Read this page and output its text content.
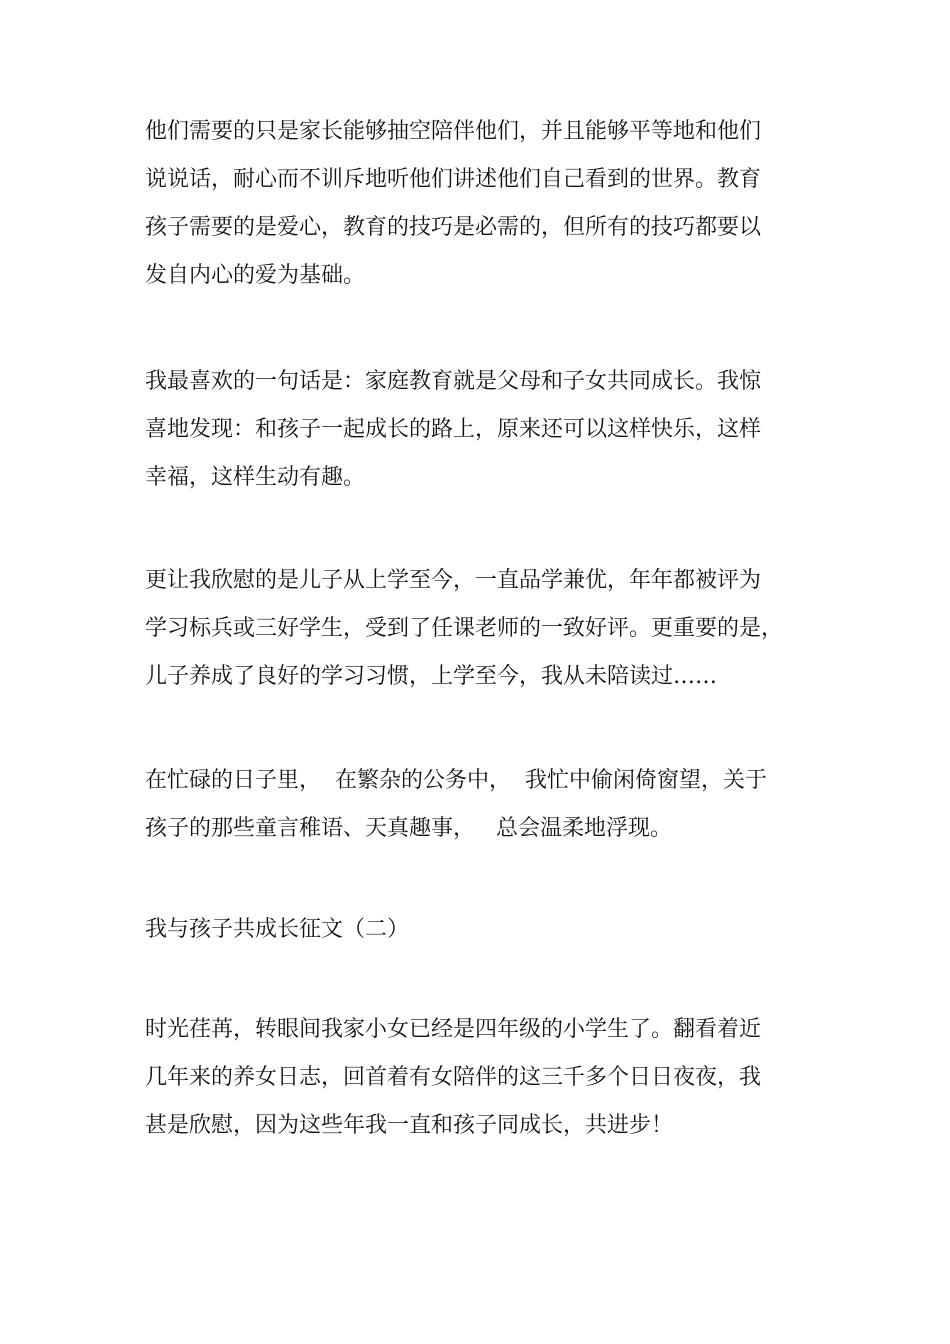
他们需要的只是家长能够抽空陪伴他们，并且能够平等地和他们
说说话，耐心而不训斥地听他们讲述他们自己看到的世界。教育
孩子需要的是爱心，教育的技巧是必需的，但所有的技巧都要以
发自内心的爱为基础。

我最喜欢的一句话是：家庭教育就是父母和子女共同成长。我惊
喜地发现：和孩子一起成长的路上，原来还可以这样快乐，这样
幸福，这样生动有趣。

更让我欣慰的是儿子从上学至今，一直品学兼优，年年都被评为
学习标兵或三好学生，受到了任课老师的一致好评。更重要的是，
儿子养成了良好的学习习惯，上学至今，我从未陪读过……

在忙碌的日子里，  在繁杂的公务中，  我忙中偷闲倚窗望，关于
孩子的那些童言稚语、天真趣事，   总会温柔地浮现。

我与孩子共成长征文（二）

时光荏苒，转眼间我家小女已经是四年级的小学生了。翻看着近
几年来的养女日志，回首着有女陪伴的这三千多个日日夜夜，我
甚是欣慰，因为这些年我一直和孩子同成长，共进步！
